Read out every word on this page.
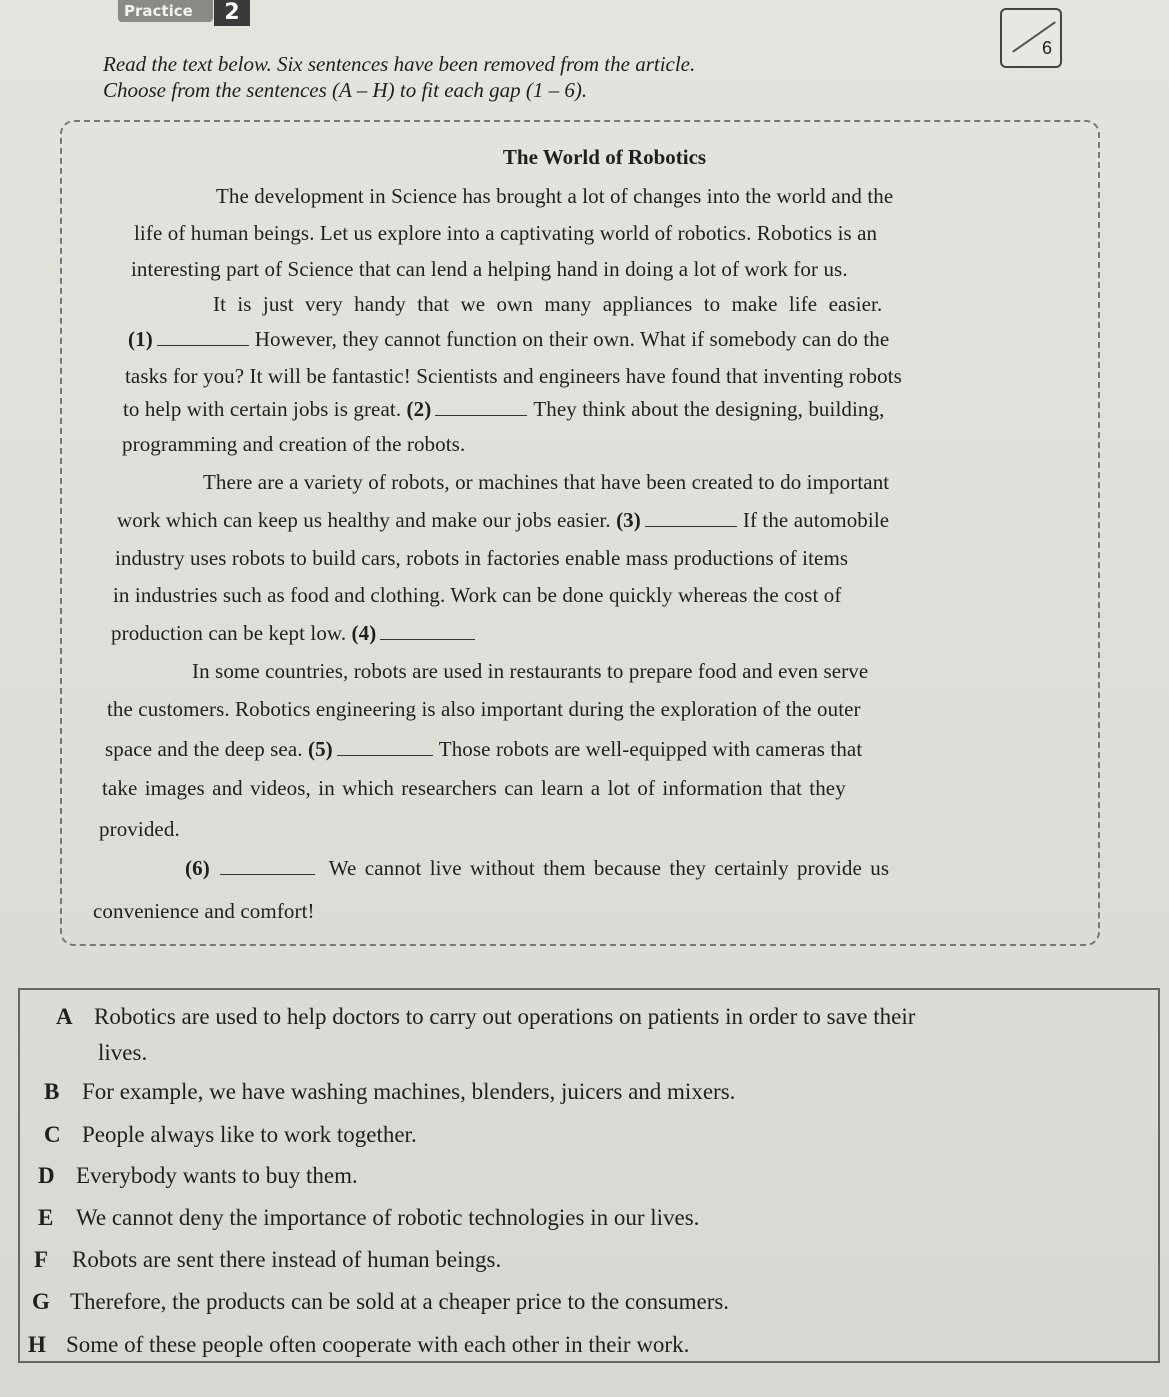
Practice	2
6
Read the text below. Six sentences have been removed from the article.
Choose from the sentences (A – H) to fit each gap (1 – 6).
The World of Robotics
The development in Science has brought a lot of changes into the world and the
life of human beings. Let us explore into a captivating world of robotics. Robotics is an
interesting part of Science that can lend a helping hand in doing a lot of work for us.
It is just very handy that we own many appliances to make life easier.
(1)	However, they cannot function on their own. What if somebody can do the
tasks for you? It will be fantastic! Scientists and engineers have found that inventing robots
to help with certain jobs is great. (2)	They think about the designing, building,
programming and creation of the robots.
There are a variety of robots, or machines that have been created to do important
work which can keep us healthy and make our jobs easier. (3)	If the automobile
industry uses robots to build cars, robots in factories enable mass productions of items
in industries such as food and clothing. Work can be done quickly whereas the cost of
production can be kept low. (4)
In some countries, robots are used in restaurants to prepare food and even serve
the customers. Robotics engineering is also important during the exploration of the outer
space and the deep sea. (5)	Those robots are well-equipped with cameras that
take images and videos, in which researchers can learn a lot of information that they
provided.
(6)	We cannot live without them because they certainly provide us
convenience and comfort!
A Robotics are used to help doctors to carry out operations on patients in order to save their
lives.
B For example, we have washing machines, blenders, juicers and mixers.
C People always like to work together.
D Everybody wants to buy them.
E We cannot deny the importance of robotic technologies in our lives.
F Robots are sent there instead of human beings.
G Therefore, the products can be sold at a cheaper price to the consumers.
H Some of these people often cooperate with each other in their work.
